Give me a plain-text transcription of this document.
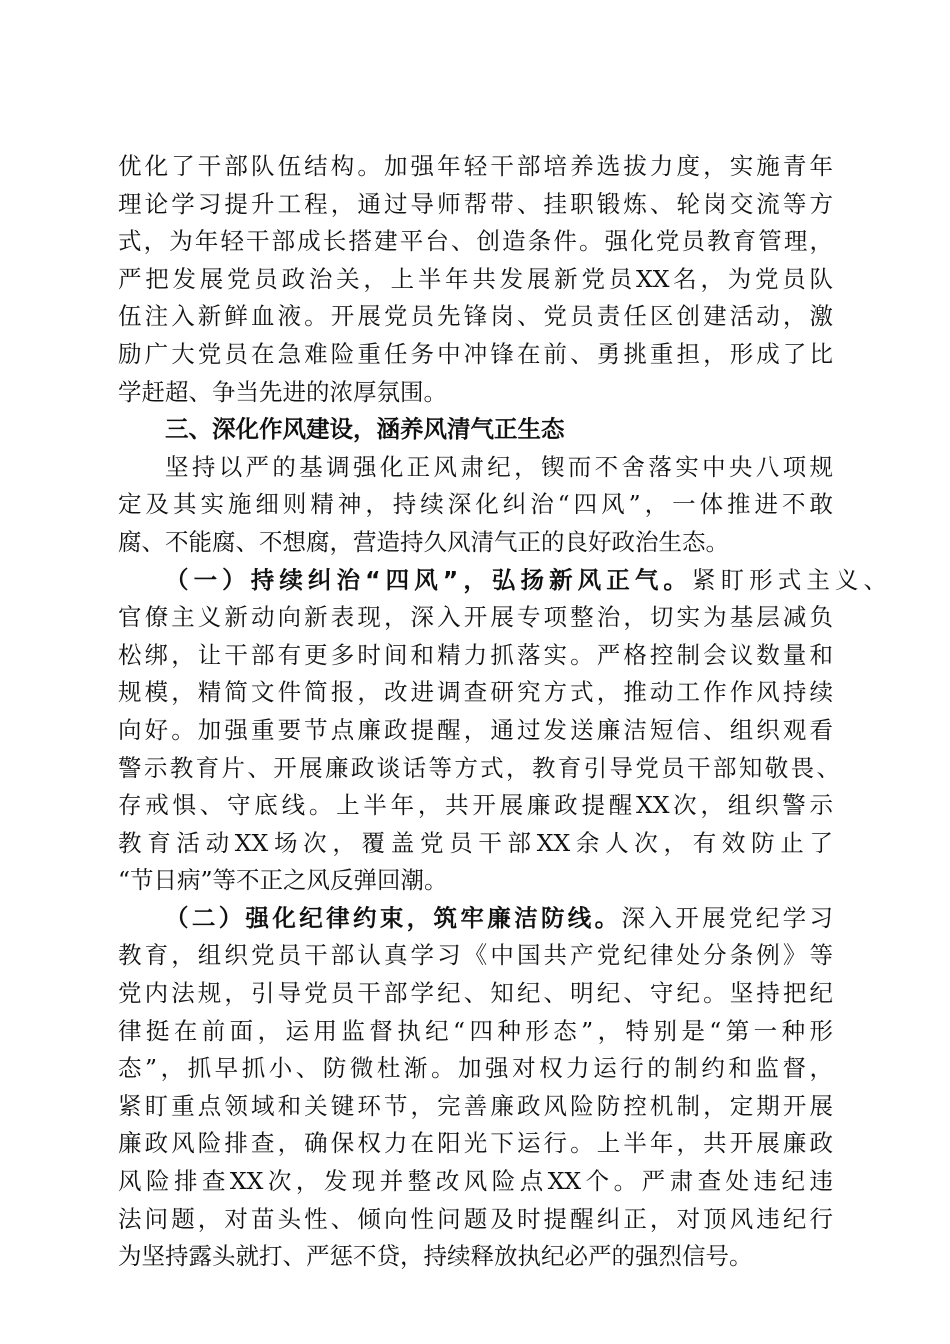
优化了干部队伍结构。加强年轻干部培养选拔力度，实施青年
理论学习提升工程，通过导师帮带、挂职锻炼、轮岗交流等方
式，为年轻干部成长搭建平台、创造条件。强化党员教育管理，
严把发展党员政治关，上半年共发展新党员XX名，为党员队
伍注入新鲜血液。开展党员先锋岗、党员责任区创建活动，激
励广大党员在急难险重任务中冲锋在前、勇挑重担，形成了比
学赶超、争当先进的浓厚氛围。
三、深化作风建设，涵养风清气正生态
坚持以严的基调强化正风肃纪，锲而不舍落实中央八项规
定及其实施细则精神，持续深化纠治“四风”，一体推进不敢
腐、不能腐、不想腐，营造持久风清气正的良好政治生态。
（一）持续纠治“四风”，弘扬新风正气。紧盯形式主义、
官僚主义新动向新表现，深入开展专项整治，切实为基层减负
松绑，让干部有更多时间和精力抓落实。严格控制会议数量和
规模，精简文件简报，改进调查研究方式，推动工作作风持续
向好。加强重要节点廉政提醒，通过发送廉洁短信、组织观看
警示教育片、开展廉政谈话等方式，教育引导党员干部知敬畏、
存戒惧、守底线。上半年，共开展廉政提醒XX次，组织警示
教育活动XX场次，覆盖党员干部XX余人次，有效防止了
“节日病”等不正之风反弹回潮。
（二）强化纪律约束，筑牢廉洁防线。深入开展党纪学习
教育，组织党员干部认真学习《中国共产党纪律处分条例》等
党内法规，引导党员干部学纪、知纪、明纪、守纪。坚持把纪
律挺在前面，运用监督执纪“四种形态”，特别是“第一种形
态”，抓早抓小、防微杜渐。加强对权力运行的制约和监督，
紧盯重点领域和关键环节，完善廉政风险防控机制，定期开展
廉政风险排查，确保权力在阳光下运行。上半年，共开展廉政
风险排查XX次，发现并整改风险点XX个。严肃查处违纪违
法问题，对苗头性、倾向性问题及时提醒纠正，对顶风违纪行
为坚持露头就打、严惩不贷，持续释放执纪必严的强烈信号。
